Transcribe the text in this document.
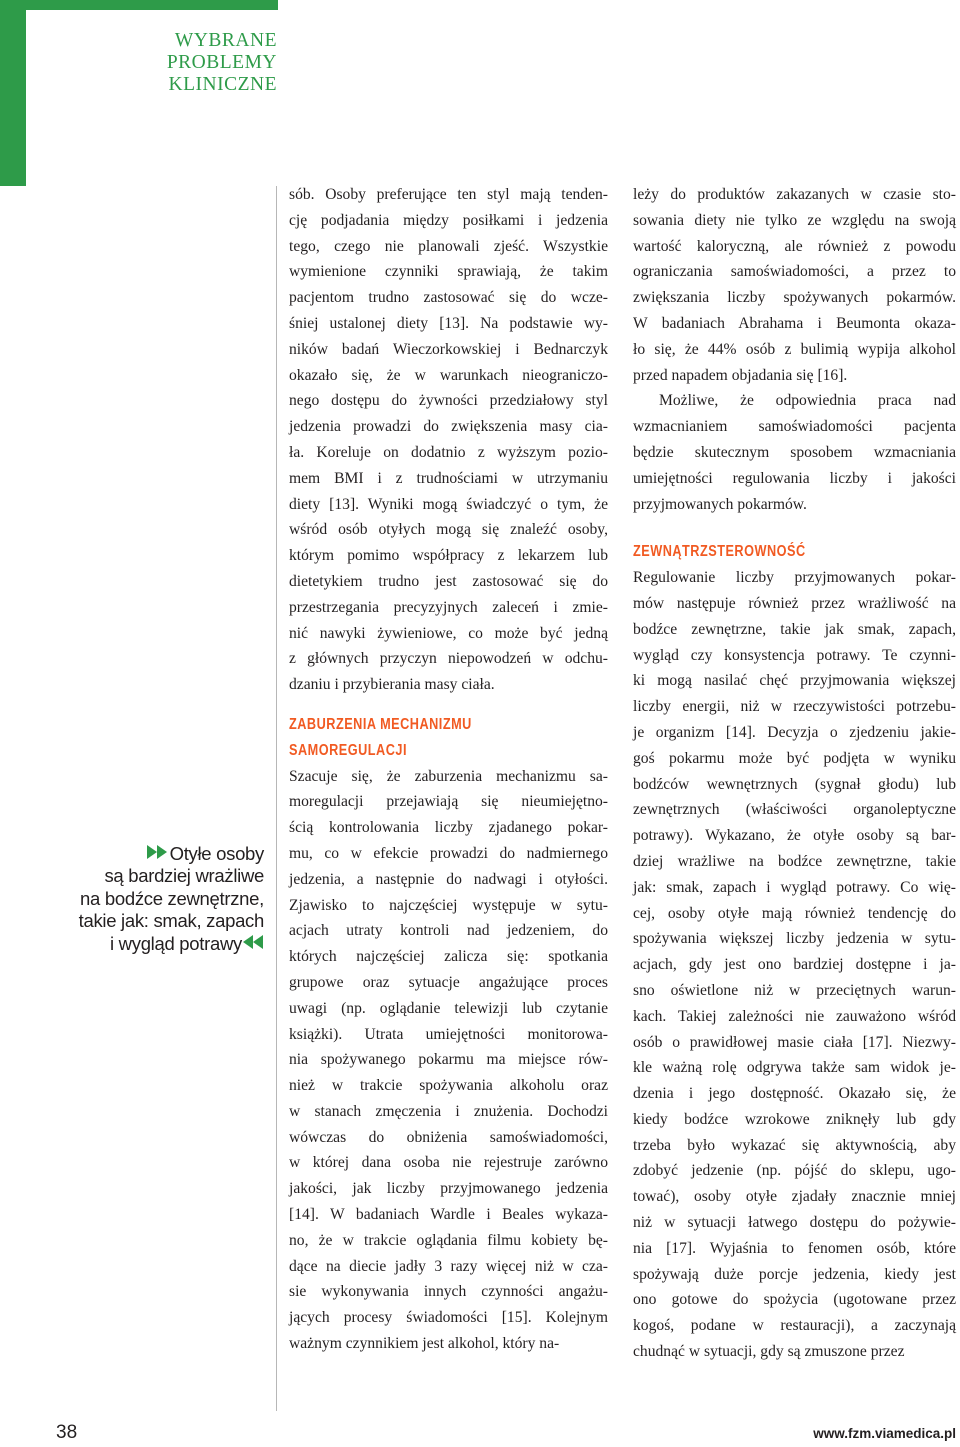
WYBRANE
PROBLEMY
KLINICZNE
Otyłe osoby
są bardziej wrażliwe
na bodźce zewnętrzne,
takie jak: smak, zapach
i wygląd potrawy

sób. Osoby preferujące ten styl mają tenden-
cję podjadania między posiłkami i jedzenia
tego, czego nie planowali zjeść. Wszystkie
wymienione czynniki sprawiają, że takim
pacjentom trudno zastosować się do wcze-
śniej ustalonej diety [13]. Na podstawie wy-
ników badań Wieczorkowskiej i Bednarczyk
okazało się, że w warunkach nieograniczo-
nego dostępu do żywności przedziałowy styl
jedzenia prowadzi do zwiększenia masy cia-
ła. Koreluje on dodatnio z wyższym pozio-
mem BMI i z trudnościami w utrzymaniu
diety [13]. Wyniki mogą świadczyć o tym, że
wśród osób otyłych mogą się znaleźć osoby,
którym pomimo współpracy z lekarzem lub
dietetykiem trudno jest zastosować się do
przestrzegania precyzyjnych zaleceń i zmie-
nić nawyki żywieniowe, co może być jedną
z głównych przyczyn niepowodzeń w odchu-
dzaniu i przybierania masy ciała.

ZABURZENIA MECHANIZMU
SAMOREGULACJI

Szacuje się, że zaburzenia mechanizmu sa-
moregulacji przejawiają się nieumiejętno-
ścią kontrolowania liczby zjadanego pokar-
mu, co w efekcie prowadzi do nadmiernego
jedzenia, a następnie do nadwagi i otyłości.
Zjawisko to najczęściej występuje w sytu-
acjach utraty kontroli nad jedzeniem, do
których najczęściej zalicza się: spotkania
grupowe oraz sytuacje angażujące proces
uwagi (np. oglądanie telewizji lub czytanie
książki). Utrata umiejętności monitorowa-
nia spożywanego pokarmu ma miejsce rów-
nież w trakcie spożywania alkoholu oraz
w stanach zmęczenia i znużenia. Dochodzi
wówczas do obniżenia samoświadomości,
w której dana osoba nie rejestruje zarówno
jakości, jak liczby przyjmowanego jedzenia
[14]. W badaniach Wardle i Beales wykaza-
no, że w trakcie oglądania filmu kobiety bę-
dące na diecie jadły 3 razy więcej niż w cza-
sie wykonywania innych czynności angażu-
jących procesy świadomości [15]. Kolejnym
ważnym czynnikiem jest alkohol, który na-

leży do produktów zakazanych w czasie sto-
sowania diety nie tylko ze względu na swoją
wartość kaloryczną, ale również z powodu
ograniczania samoświadomości, a przez to
zwiększania liczby spożywanych pokarmów.
W badaniach Abrahama i Beumonta okaza-
ło się, że 44% osób z bulimią wypija alkohol
przed napadem objadania się [16].

Możliwe, że odpowiednia praca nad
wzmacnianiem samoświadomości pacjenta
będzie skutecznym sposobem wzmacniania
umiejętności regulowania liczby i jakości
przyjmowanych pokarmów.

ZEWNĄTRZSTEROWNOŚĆ

Regulowanie liczby przyjmowanych pokar-
mów następuje również przez wrażliwość na
bodźce zewnętrzne, takie jak smak, zapach,
wygląd czy konsystencja potrawy. Te czynni-
ki mogą nasilać chęć przyjmowania większej
liczby energii, niż w rzeczywistości potrzebu-
je organizm [14]. Decyzja o zjedzeniu jakie-
goś pokarmu może być podjęta w wyniku
bodźców wewnętrznych (sygnał głodu) lub
zewnętrznych (właściwości organoleptyczne
potrawy). Wykazano, że otyłe osoby są bar-
dziej wrażliwe na bodźce zewnętrzne, takie
jak: smak, zapach i wygląd potrawy. Co wię-
cej, osoby otyłe mają również tendencję do
spożywania większej liczby jedzenia w sytu-
acjach, gdy jest ono bardziej dostępne i ja-
sno oświetlone niż w przeciętnych warun-
kach. Takiej zależności nie zauważono wśród
osób o prawidłowej masie ciała [17]. Niezwy-
kle ważną rolę odgrywa także sam widok je-
dzenia i jego dostępność. Okazało się, że
kiedy bodźce wzrokowe zniknęły lub gdy
trzeba było wykazać się aktywnością, aby
zdobyć jedzenie (np. pójść do sklepu, ugo-
tować), osoby otyłe zjadały znacznie mniej
niż w sytuacji łatwego dostępu do pożywie-
nia [17]. Wyjaśnia to fenomen osób, które
spożywają duże porcje jedzenia, kiedy jest
ono gotowe do spożycia (ugotowane przez
kogoś, podane w restauracji), a zaczynają
chudnąć w sytuacji, gdy są zmuszone przez

38	www.fzm.viamedica.pl
